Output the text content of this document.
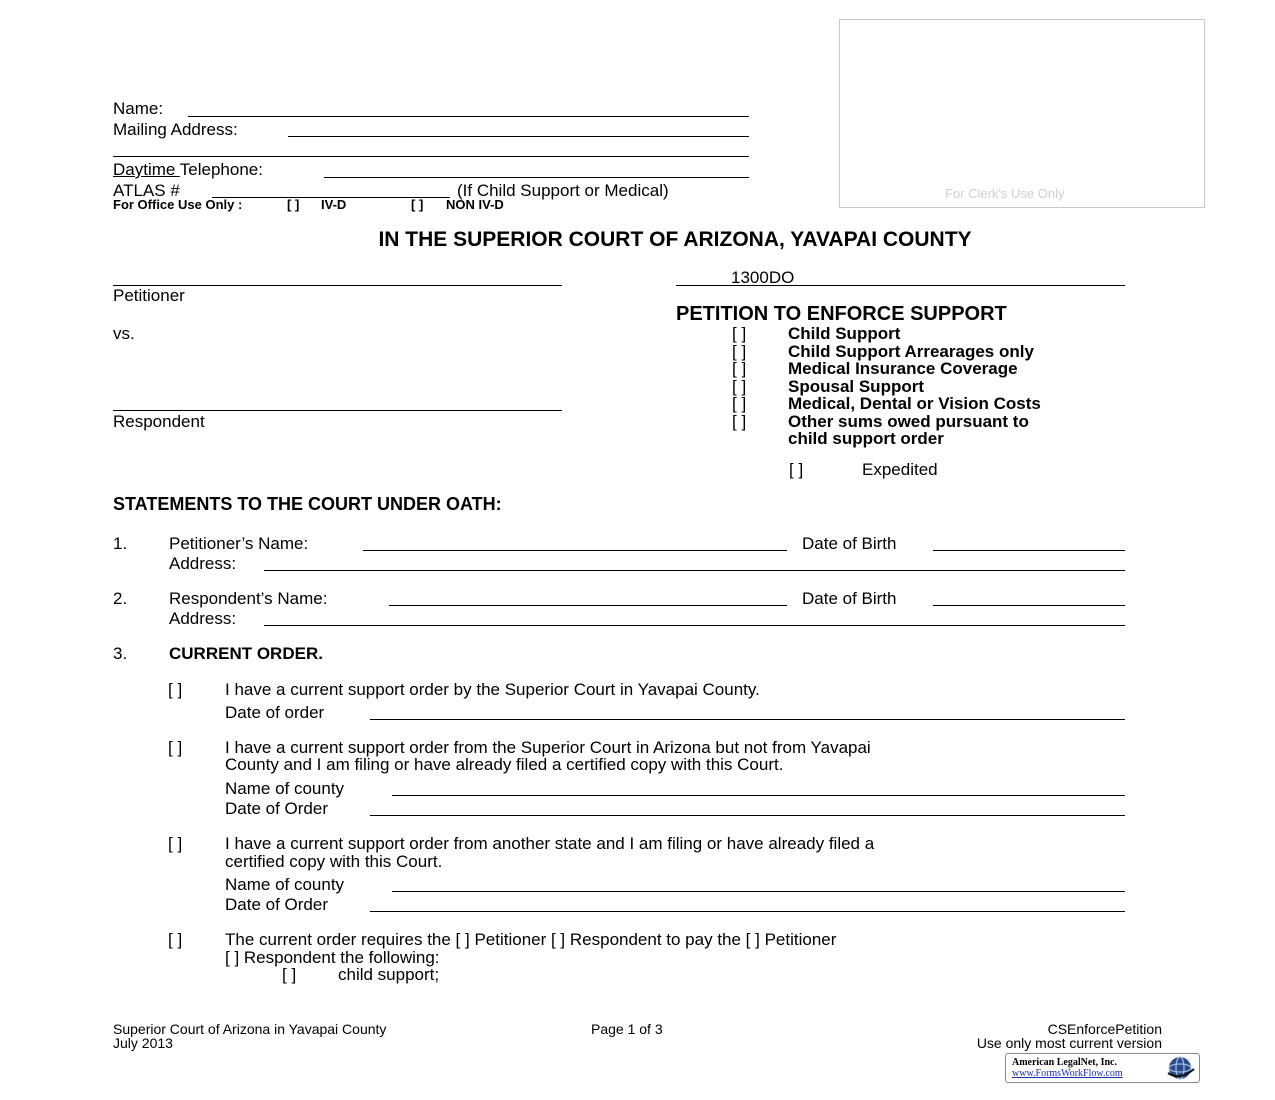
For Clerk's Use Only
Name:
Mailing Address:
Daytime Telephone:
ATLAS #	(If Child Support or Medical)
For Office Use Only :	[ ] IV-D	[ ] NON IV-D
IN THE SUPERIOR COURT OF ARIZONA, YAVAPAI COUNTY
Petitioner
vs.
Respondent
1300DO
PETITION TO ENFORCE SUPPORT
[ ] Child Support
[ ] Child Support Arrearages only
[ ] Medical Insurance Coverage
[ ] Spousal Support
[ ] Medical, Dental or Vision Costs
[ ] Other sums owed pursuant to
child support order
[ ]	Expedited
STATEMENTS TO THE COURT UNDER OATH:
1. Petitioner’s Name:	Date of Birth
Address:
2. Respondent’s Name:	Date of Birth
Address:
3. CURRENT ORDER.
[ ]	I have a current support order by the Superior Court in Yavapai County.
Date of order
[ ]	I have a current support order from the Superior Court in Arizona but not from Yavapai
County and I am filing or have already filed a certified copy with this Court.
Name of county
Date of Order
[ ]	I have a current support order from another state and I am filing or have already filed a
certified copy with this Court.
Name of county
Date of Order
[ ]	The current order requires the [ ] Petitioner [ ] Respondent to pay the [ ] Petitioner
[ ] Respondent the following:
[ ] child support;
Superior Court of Arizona in Yavapai County
July 2013
Page 1 of 3	CSEnforcePetition
Use only most current version
American LegalNet, Inc.
www.FormsWorkFlow.com
